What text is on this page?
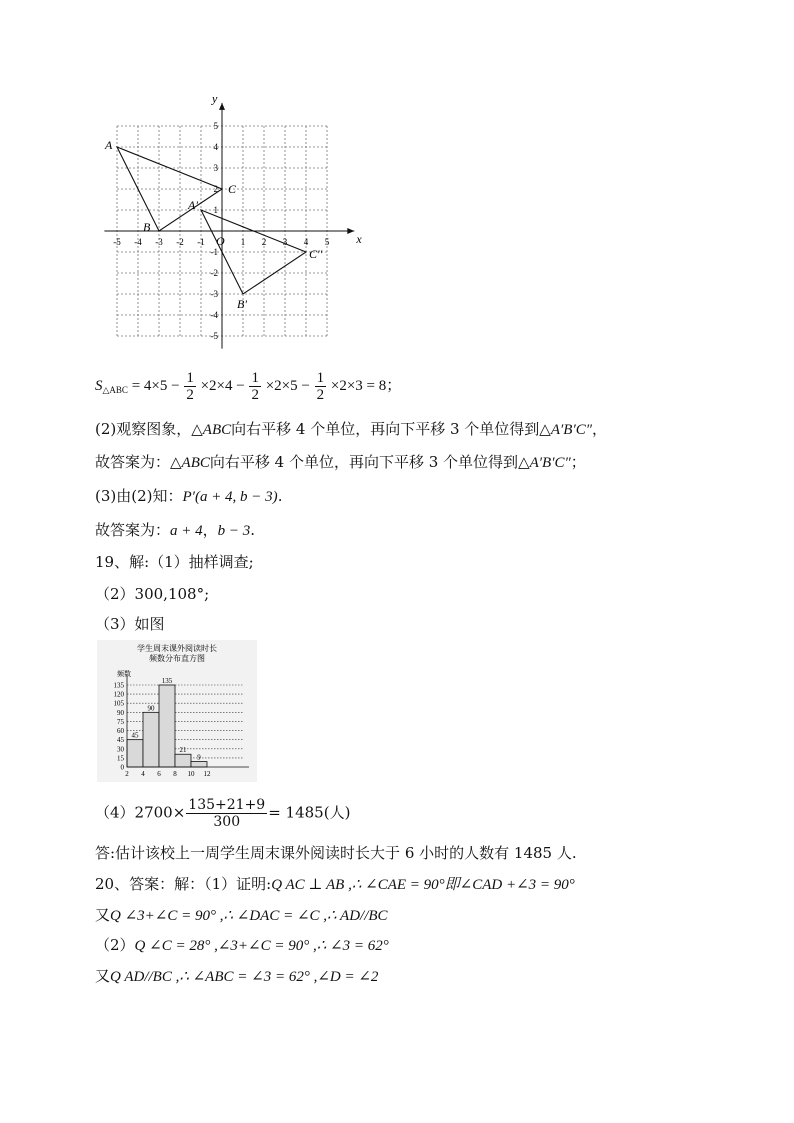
x
y
O
-5 -4 -3 -2 -1	1 2 3 4 5
5
4
3
2
1
-1
-2
-3
-4
-5
A
B
C
A'
B'
C''
$S_{\triangle ABC} = 4\times 5 - \frac{1}{2} \times 2\times 4 - \frac{1}{2} \times 2\times 5 - \frac{1}{2} \times 2\times 3 = 8$；
(2)观察图象，△ABC向右平移 4 个单位，再向下平移 3 个单位得到△A′B′C″，
故答案为：△ABC向右平移 4 个单位，再向下平移 3 个单位得到△A′B′C″；
(3)由(2)知：P′(a + 4, b − 3).
故答案为：a + 4，b − 3.
19、解:（1）抽样调查;
（2）300,108°;
（3）如图
学生周末课外阅读时长
频数分布直方图
频数
0
15
30
45
60
75
90
105
120
135
45
90
135
21
9
2 4 6 8 10 12
$(4)2700\times \frac{135+21+9}{300} = 1485$(人)
答:估计该校上一周学生周末课外阅读时长大于 6 小时的人数有 1485 人.
20、答案：解：（1）证明:Q AC ⊥ AB ,∴ ∠CAE = 90°即∠CAD +∠3 = 90°
又Q ∠3+∠C = 90° ,∴ ∠DAC = ∠C ,∴ AD//BC
（2）Q ∠C = 28° ,∠3+∠C = 90° ,∴ ∠3 = 62°
又Q AD//BC ,∴ ∠ABC = ∠3 = 62° ,∠D = ∠2
